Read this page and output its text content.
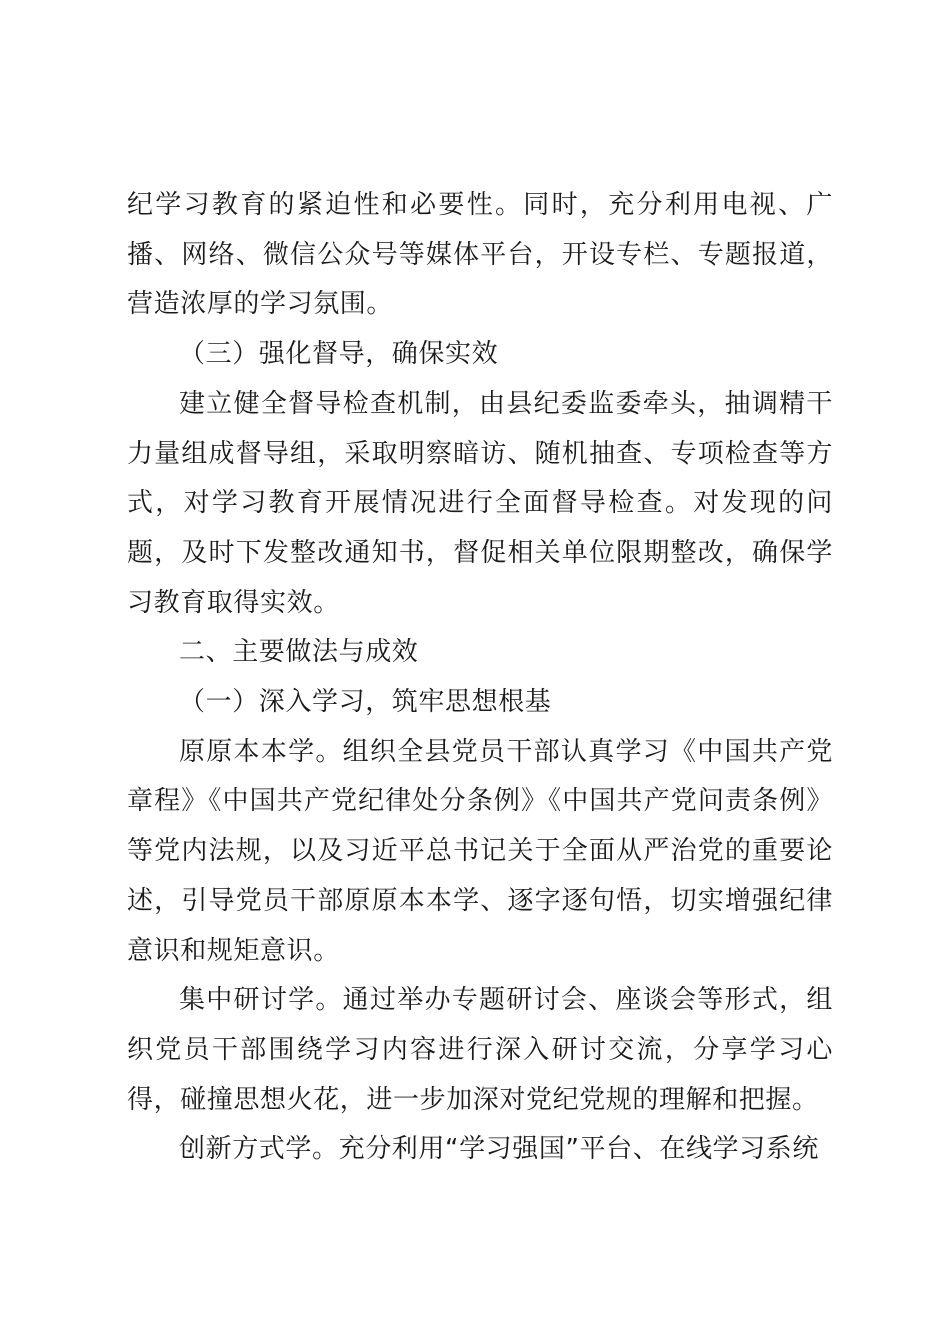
纪学习教育的紧迫性和必要性。同时，充分利用电视、广播、网络、微信公众号等媒体平台，开设专栏、专题报道，营造浓厚的学习氛围。

（三）强化督导，确保实效

建立健全督导检查机制，由县纪委监委牵头，抽调精干力量组成督导组，采取明察暗访、随机抽查、专项检查等方式，对学习教育开展情况进行全面督导检查。对发现的问题，及时下发整改通知书，督促相关单位限期整改，确保学习教育取得实效。

二、主要做法与成效

（一）深入学习，筑牢思想根基

原原本本学。组织全县党员干部认真学习《中国共产党章程》《中国共产党纪律处分条例》《中国共产党问责条例》等党内法规，以及习近平总书记关于全面从严治党的重要论述，引导党员干部原原本本学、逐字逐句悟，切实增强纪律意识和规矩意识。

集中研讨学。通过举办专题研讨会、座谈会等形式，组织党员干部围绕学习内容进行深入研讨交流，分享学习心得，碰撞思想火花，进一步加深对党纪党规的理解和把握。

创新方式学。充分利用“学习强国”平台、在线学习系统
